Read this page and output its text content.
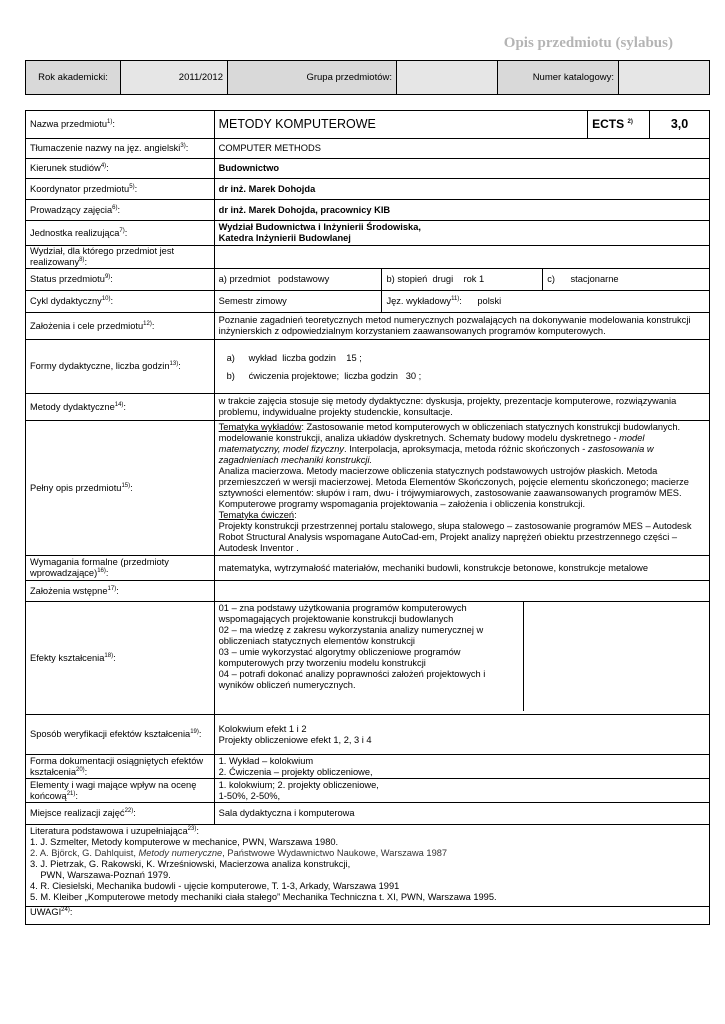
Opis przedmiotu (sylabus)
Rok akademicki:	2011/2012	Grupa przedmiotów:		Numer katalogowy:	
Nazwa przedmiotu$^{1)}$:	METODY KOMPUTEROWE	ECTS $^{2)}$	3,0
Tłumaczenie nazwy na jęz. angielski$^{3)}$:	COMPUTER METHODS
Kierunek studiów$^{4)}$:	Budownictwo
Koordynator przedmiotu$^{5)}$:	dr inż. Marek Dohojda
Prowadzący zajęcia$^{6)}$:	dr inż. Marek Dohojda, pracownicy KIB
Jednostka realizująca$^{7)}$:	
Wydział Budownictwa i Inżynierii Środowiska,
Katedra Inżynierii Budowlanej

Wydział, dla którego przedmiot jest realizowany$^{8)}$:	
Status przedmiotu$^{9)}$:	a) przedmiot   podstawowy	b) stopień  drugi    rok 1	c)      stacjonarne
Cykl dydaktyczny$^{10)}$:	Semestr zimowy	Jęz. wykładowy$^{11)}$:      polski
Założenia i cele przedmiotu$^{12)}$:	Poznanie zagadnień teoretycznych metod numerycznych pozwalających na dokonywanie modelowania konstrukcji inżynierskich z odpowiedzialnym korzystaniem zaawansowanych programów komputerowych.
Formy dydaktyczne, liczba godzin$^{13)}$:	
a) wykład  liczba godzin    15 ;
b) ćwiczenia projektowe;  liczba godzin   30 ;

Metody dydaktyczne$^{14)}$:	w trakcie zajęcia stosuje się metody dydaktyczne: dyskusja, projekty, prezentacje komputerowe, rozwiązywania problemu, indywidualne projekty studenckie, konsultacje.
Pełny opis przedmiotu$^{15)}$:	
Tematyka wykładów: Zastosowanie metod komputerowych w obliczeniach statycznych konstrukcji budowlanych. modelowanie konstrukcji, analiza układów dyskretnych. Schematy budowy modelu dyskretnego - model matematyczny, model fizyczny. Interpolacja, aproksymacja, metoda różnic skończonych - zastosowania w zagadnieniach mechaniki konstrukcji.
Analiza macierzowa. Metody macierzowe obliczenia statycznych podstawowych ustrojów płaskich. Metoda przemieszczeń w wersji macierzowej. Metoda Elementów Skończonych, pojęcie elementu skończonego; macierze sztywności elementów: słupów i ram, dwu- i trójwymiarowych, zastosowanie zaawansowanych programów MES. Komputerowe programy wspomagania projektowania – założenia i obliczenia konstrukcji.
Tematyka ćwiczeń:
Projekty konstrukcji przestrzennej portalu stalowego, słupa stalowego – zastosowanie programów MES – Autodesk Robot Structural Analysis wspomagane AutoCad-em, Projekt analizy naprężeń obiektu przestrzennego części – Autodesk Inventor .

Wymagania formalne (przedmioty wprowadzające)$^{16)}$:	matematyka, wytrzymałość materiałów, mechaniki budowli, konstrukcje betonowe, konstrukcje metalowe
Założenia wstępne$^{17)}$:	
Efekty kształcenia$^{18)}$:	
01 – zna podstawy użytkowania programów komputerowych
wspomagających projektowanie konstrukcji budowlanych
02 – ma wiedzę z zakresu wykorzystania analizy numerycznej w
obliczeniach statycznych elementów konstrukcji
03 – umie wykorzystać algorytmy obliczeniowe programów
komputerowych przy tworzeniu modelu konstrukcji
04 – potrafi dokonać analizy poprawności założeń projektowych i
wyników obliczeń numerycznych.

Sposób weryfikacji efektów kształcenia$^{19)}$:	
Kolokwium efekt 1 i 2
Projekty obliczeniowe efekt 1, 2, 3 i 4

Forma dokumentacji osiągniętych efektów
kształcenia$^{20)}$:

1. Wykład – kolokwium
2. Ćwiczenia – projekty obliczeniowe,

Elementy i wagi mające wpływ na ocenę
końcową$^{21)}$:

1. kolokwium; 2. projekty obliczeniowe,
1-50%, 2-50%,

Miejsce realizacji zajęć$^{22)}$:	Sala dydaktyczna i komputerowa

Literatura podstawowa i uzupełniająca$^{23)}$:
1. J. Szmelter, Metody komputerowe w mechanice, PWN, Warszawa 1980.
2. A. Björck, G. Dahlquist, Metody numeryczne, Państwowe Wydawnictwo Naukowe, Warszawa 1987
3. J. Pietrzak, G. Rakowski, K. Wrześniowski, Macierzowa analiza konstrukcji,
PWN, Warszawa-Poznań 1979.
4. R. Ciesielski, Mechanika budowli - ujęcie komputerowe, T. 1-3, Arkady, Warszawa 1991
5. M. Kleiber „Komputerowe metody mechaniki ciała stałego” Mechanika Techniczna t. XI, PWN, Warszawa 1995.

UWAGI$^{24)}$:
